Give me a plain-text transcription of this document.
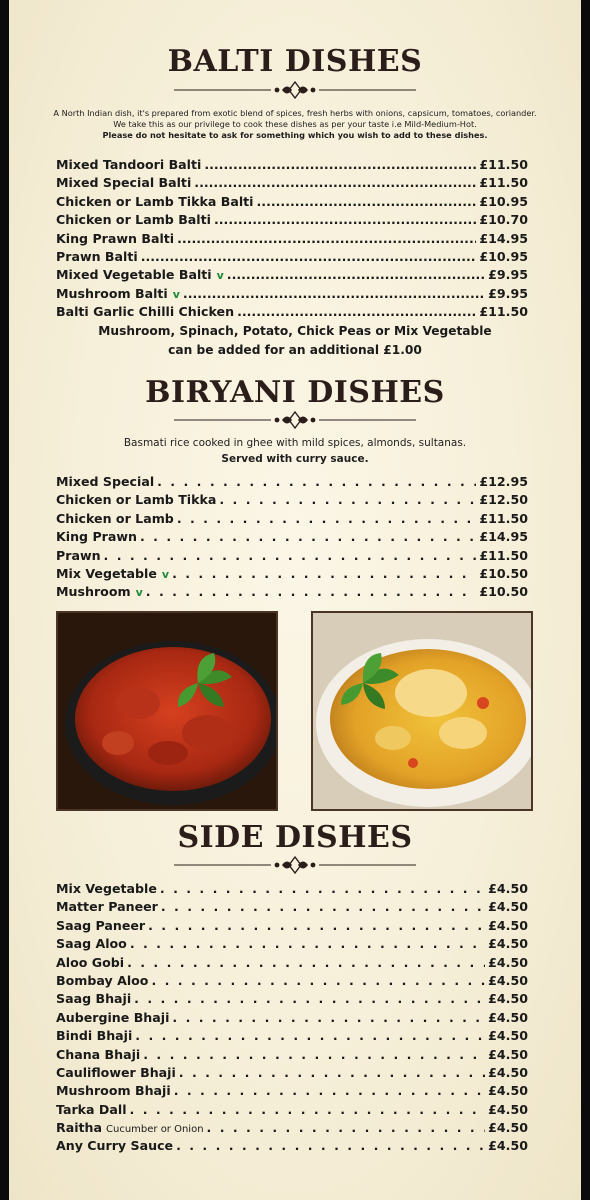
BALTI DISHES

A North Indian dish, it's prepared from exotic blend of spices, fresh herbs with onions, capsicum, tomatoes, coriander. We take this as our privilege to cook these dishes as per your taste i.e Mild-Medium-Hot.

Please do not hesitate to ask for something which you wish to add to these dishes.

Mixed Tandoori Balti .....	£11.50
Mixed Special Balti .....	£11.50
Chicken or Lamb Tikka Balti .....	£10.95
Chicken or Lamb Balti .....	£10.70
King Prawn Balti .....	£14.95
Prawn Balti .....	£10.95
Mixed Vegetable Balti v .....	£9.95
Mushroom Balti v .....	£9.95
Balti Garlic Chilli Chicken .....	£11.50

Mushroom, Spinach, Potato, Chick Peas or Mix Vegetable

can be added for an additional £1.00

BIRYANI DISHES

Basmati rice cooked in ghee with mild spices, almonds, sultanas.

Served with curry sauce.

Mixed Special . . .	£12.95
Chicken or Lamb Tikka . . .	£12.50
Chicken or Lamb . . .	£11.50
King Prawn . . .	£14.95
Prawn . . .	£11.50
Mix Vegetable v . . .	£10.50
Mushroom v . . .	£10.50
SIDE DISHES
Mix Vegetable . . .	£4.50
Matter Paneer . . .	£4.50
Saag Paneer . . .	£4.50
Saag Aloo . . .	£4.50
Aloo Gobi . . .	£4.50
Bombay Aloo . . .	£4.50
Saag Bhaji . . .	£4.50
Aubergine Bhaji . . .	£4.50
Bindi Bhaji . . .	£4.50
Chana Bhaji . . .	£4.50
Cauliflower Bhaji . . .	£4.50
Mushroom Bhaji . . .	£4.50
Tarka Dall . . .	£4.50
Raitha Cucumber or Onion . . .	£4.50
Any Curry Sauce . . .	£4.50
